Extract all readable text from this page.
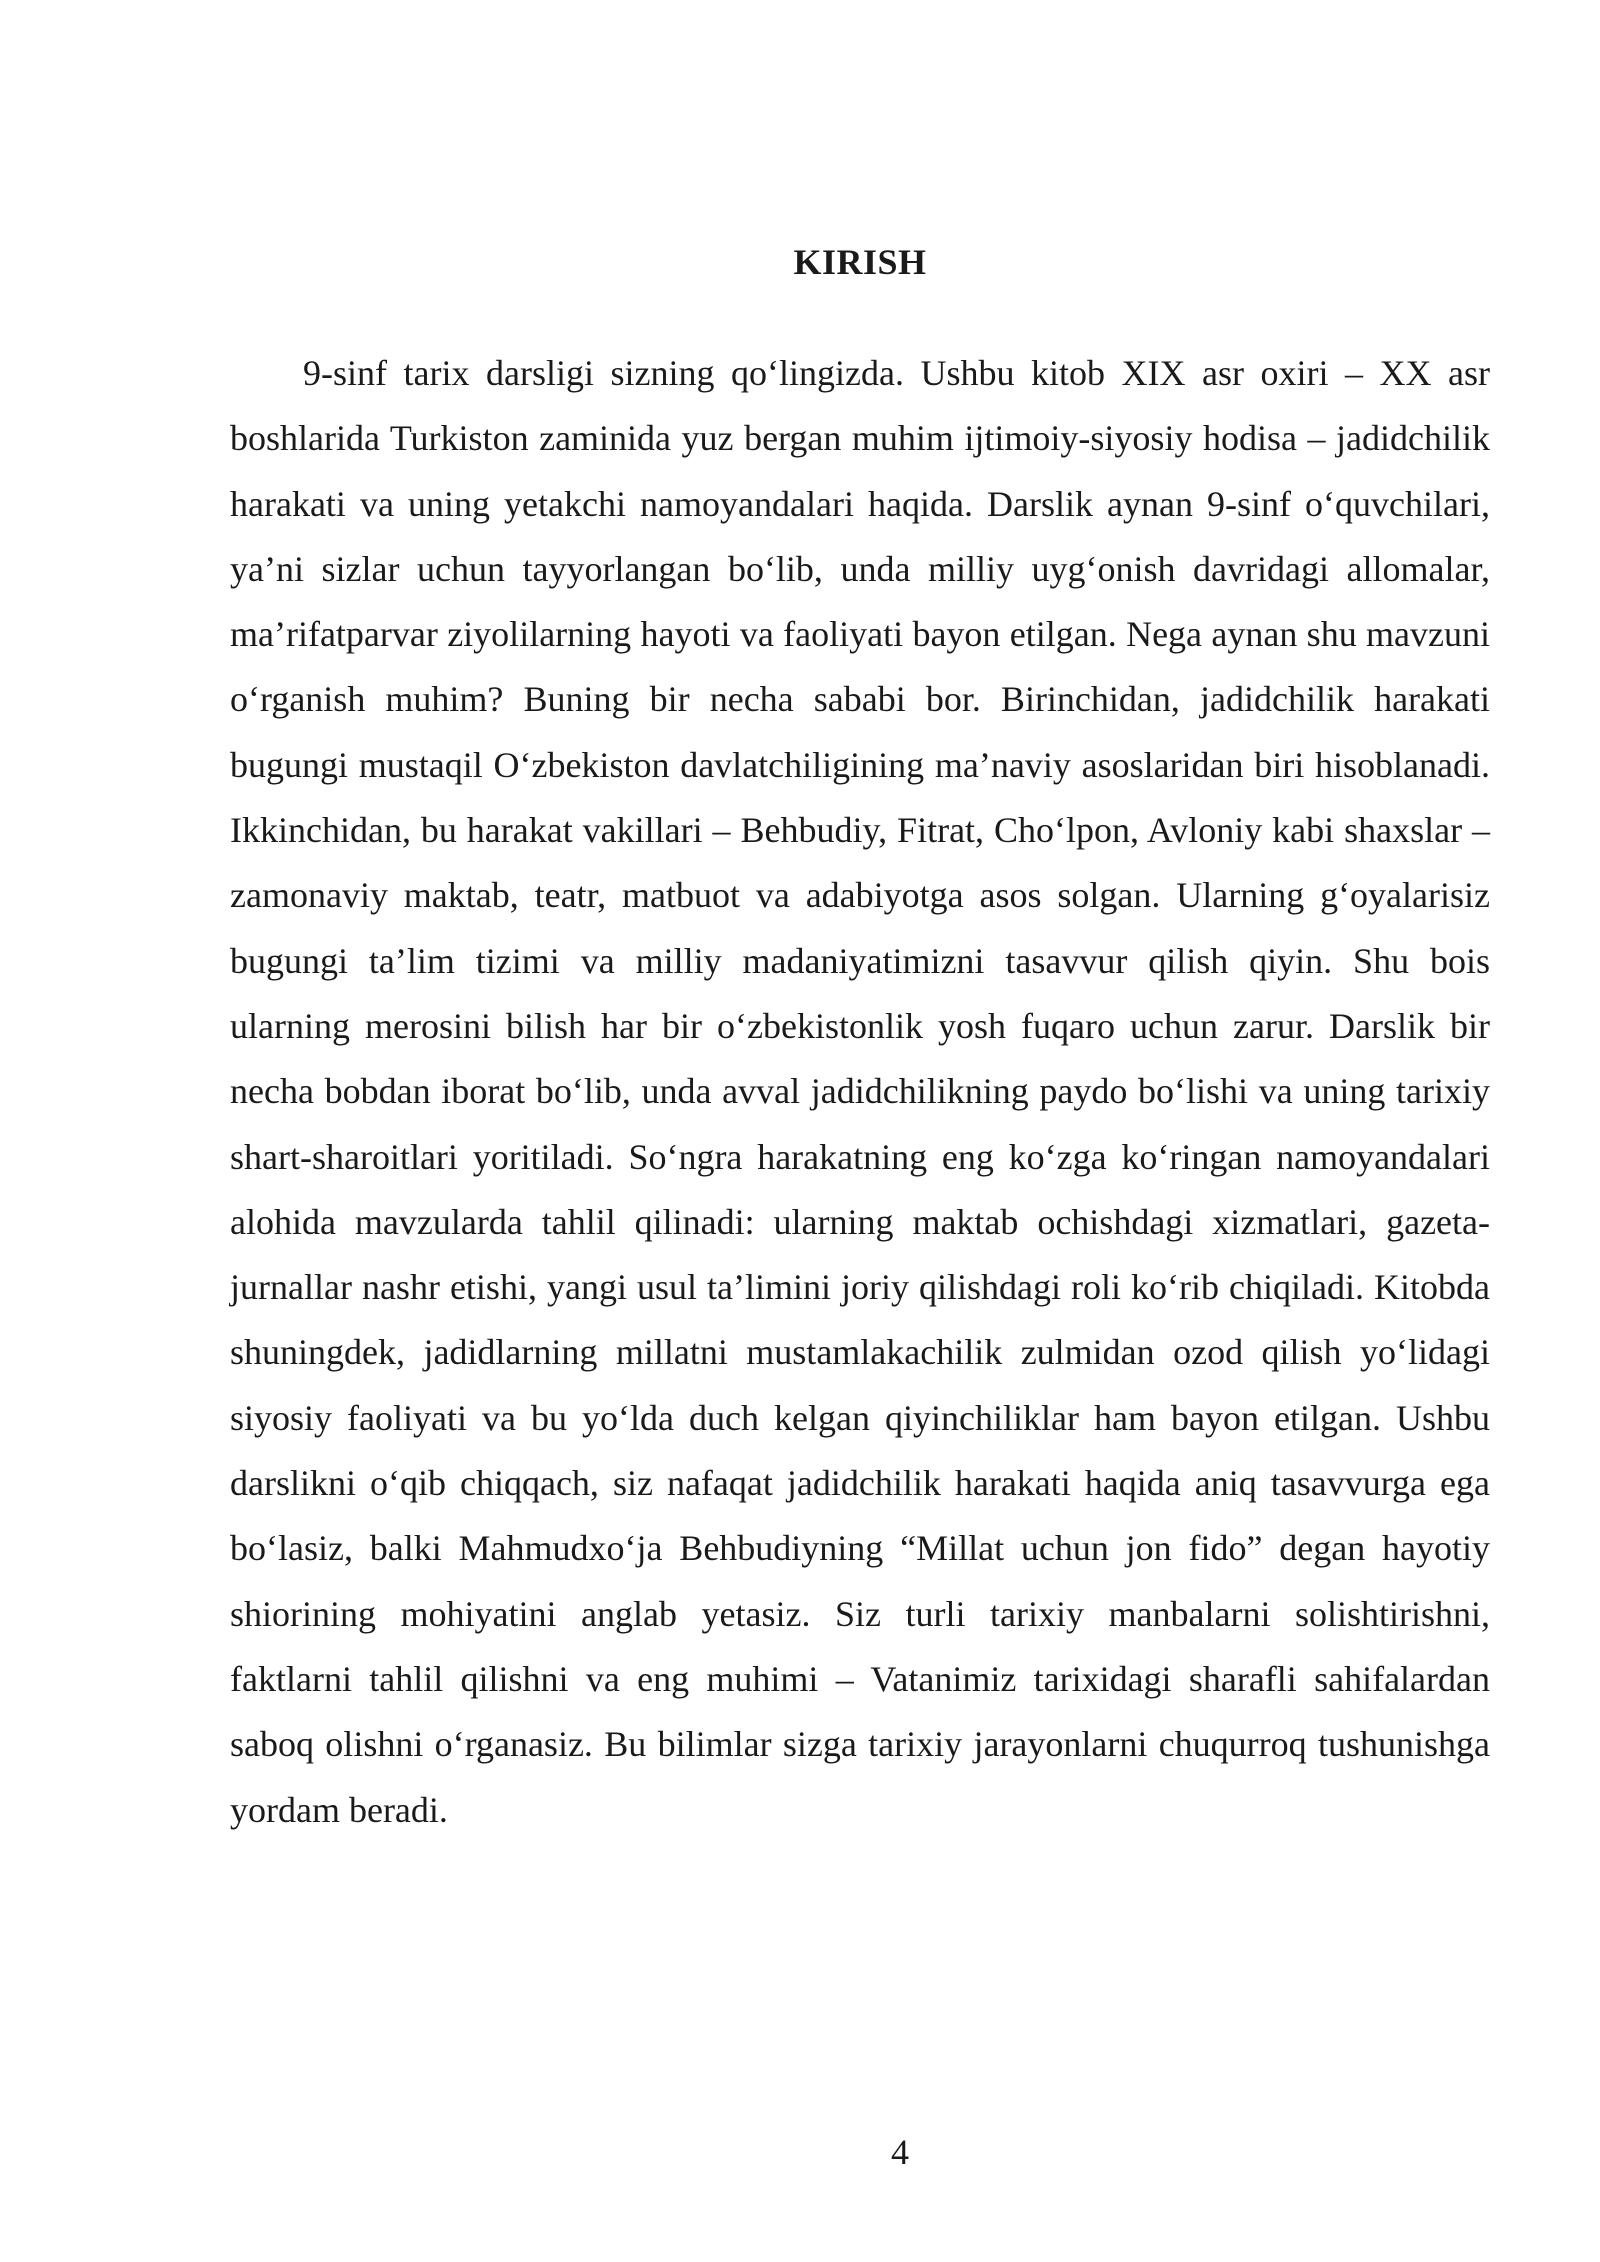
KIRISH

9-sinf tarix darsligi sizning qo‘lingizda. Ushbu kitob XIX asr oxiri – XX asr boshlarida Turkiston zaminida yuz bergan muhim ijtimoiy-siyosiy hodisa – jadidchilik harakati va uning yetakchi namoyandalari haqida. Darslik aynan 9-sinf o‘quvchilari, ya’ni sizlar uchun tayyorlangan bo‘lib, unda milliy uyg‘onish davridagi allomalar, ma’rifatparvar ziyolilarning hayoti va faoliyati bayon etilgan. Nega aynan shu mavzuni o‘rganish muhim? Buning bir necha sababi bor. Birinchidan, jadidchilik harakati bugungi mustaqil O‘zbekiston davlatchiligining ma’naviy asoslaridan biri hisoblanadi. Ikkinchidan, bu harakat vakillari – Behbudiy, Fitrat, Cho‘lpon, Avloniy kabi shaxslar – zamonaviy maktab, teatr, matbuot va adabiyotga asos solgan. Ularning g‘oyalarisiz bugungi ta’lim tizimi va milliy madaniyatimizni tasavvur qilish qiyin. Shu bois ularning merosini bilish har bir o‘zbekistonlik yosh fuqaro uchun zarur. Darslik bir necha bobdan iborat bo‘lib, unda avval jadidchilikning paydo bo‘lishi va uning tarixiy shart-sharoitlari yoritiladi. So‘ngra harakatning eng ko‘zga ko‘ringan namoyandalari alohida mavzularda tahlil qilinadi: ularning maktab ochishdagi xizmatlari, gazeta-jurnallar nashr etishi, yangi usul ta’limini joriy qilishdagi roli ko‘rib chiqiladi. Kitobda shuningdek, jadidlarning millatni mustamlakachilik zulmidan ozod qilish yo‘lidagi siyosiy faoliyati va bu yo‘lda duch kelgan qiyinchiliklar ham bayon etilgan. Ushbu darslikni o‘qib chiqqach, siz nafaqat jadidchilik harakati haqida aniq tasavvurga ega bo‘lasiz, balki Mahmudxo‘ja Behbudiyning “Millat uchun jon fido” degan hayotiy shiorining mohiyatini anglab yetasiz. Siz turli tarixiy manbalarni solishtirishni, faktlarni tahlil qilishni va eng muhimi – Vatanimiz tarixidagi sharafli sahifalardan saboq olishni o‘rganasiz. Bu bilimlar sizga tarixiy jarayonlarni chuqurroq tushunishga yordam beradi.

4
